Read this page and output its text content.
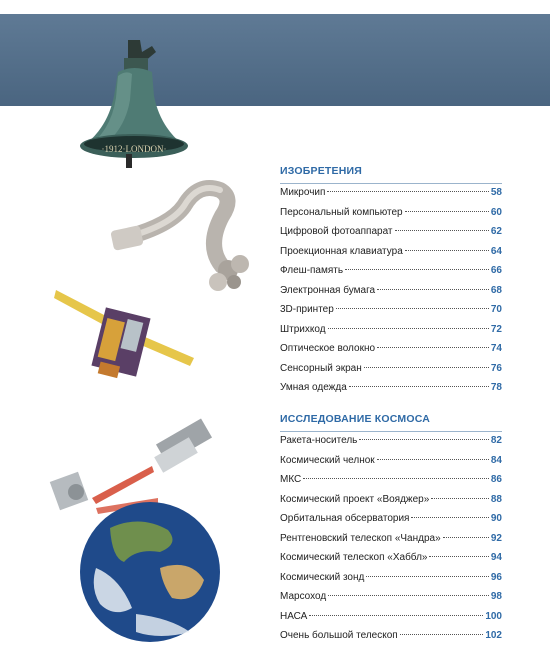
·1912·LONDON·
ИЗОБРЕТЕНИЯ
Микрочип	58
Персональный компьютер	60
Цифровой фотоаппарат	62
Проекционная клавиатура	64
Флеш-память	66
Электронная бумага	68
3D-принтер	70
Штрихкод	72
Оптическое волокно	74
Сенсорный экран	76
Умная одежда	78
ИССЛЕДОВАНИЕ КОСМОСА
Ракета-носитель	82
Космический челнок	84
МКС	86
Космический проект «Вояджер»	88
Орбитальная обсерватория	90
Рентгеновский телескоп «Чандра»	92
Космический телескоп «Хаббл»	94
Космический зонд	96
Марсоход	98
НАСА	100
Очень большой телескоп	102
